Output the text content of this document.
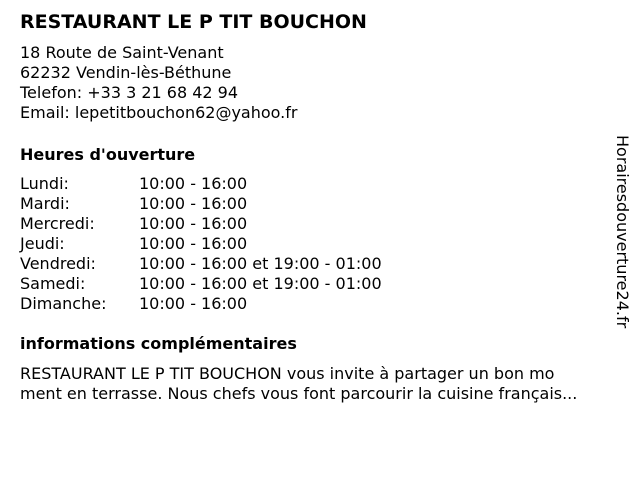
RESTAURANT LE P TIT BOUCHON
18 Route de Saint-Venant
62232 Vendin-lès-Béthune
Telefon: +33 3 21 68 42 94
Email: lepetitbouchon62@yahoo.fr
Heures d'ouverture
Lundi:	10:00 - 16:00
Mardi:	10:00 - 16:00
Mercredi:	10:00 - 16:00
Jeudi:	10:00 - 16:00
Vendredi:	10:00 - 16:00 et 19:00 - 01:00
Samedi:	10:00 - 16:00 et 19:00 - 01:00
Dimanche: 10:00 - 16:00
informations complémentaires
RESTAURANT LE P TIT BOUCHON vous invite à partager un bon mo
ment en terrasse. Nous chefs vous font parcourir la cuisine français...
Horairesdouverture24.fr
